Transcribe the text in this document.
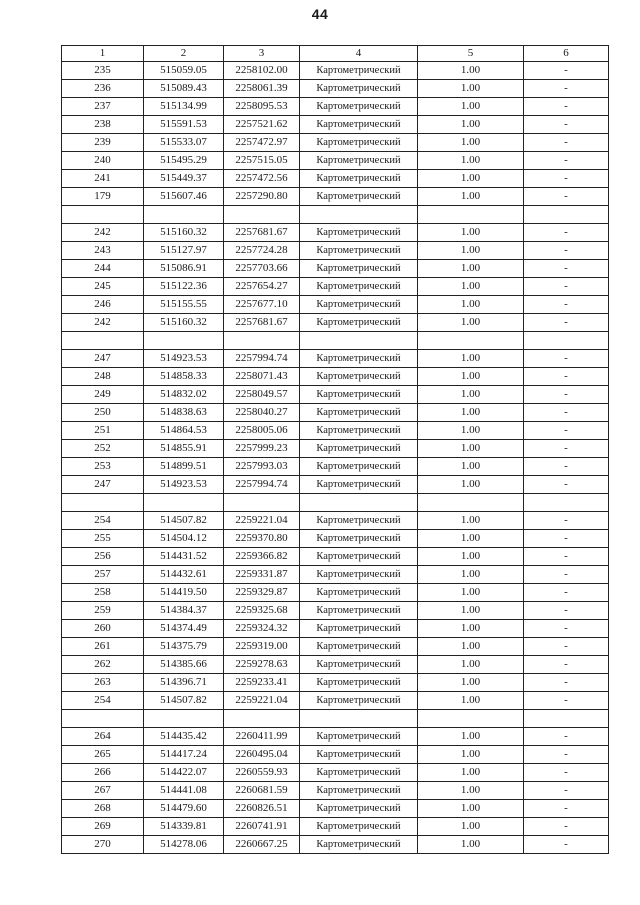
44
1	2	3	4	5	6
235	515059.05	2258102.00	Картометрический	1.00	-
236	515089.43	2258061.39	Картометрический	1.00	-
237	515134.99	2258095.53	Картометрический	1.00	-
238	515591.53	2257521.62	Картометрический	1.00	-
239	515533.07	2257472.97	Картометрический	1.00	-
240	515495.29	2257515.05	Картометрический	1.00	-
241	515449.37	2257472.56	Картометрический	1.00	-
179	515607.46	2257290.80	Картометрический	1.00	-

242	515160.32	2257681.67	Картометрический	1.00	-
243	515127.97	2257724.28	Картометрический	1.00	-
244	515086.91	2257703.66	Картометрический	1.00	-
245	515122.36	2257654.27	Картометрический	1.00	-
246	515155.55	2257677.10	Картометрический	1.00	-
242	515160.32	2257681.67	Картометрический	1.00	-

247	514923.53	2257994.74	Картометрический	1.00	-
248	514858.33	2258071.43	Картометрический	1.00	-
249	514832.02	2258049.57	Картометрический	1.00	-
250	514838.63	2258040.27	Картометрический	1.00	-
251	514864.53	2258005.06	Картометрический	1.00	-
252	514855.91	2257999.23	Картометрический	1.00	-
253	514899.51	2257993.03	Картометрический	1.00	-
247	514923.53	2257994.74	Картометрический	1.00	-

254	514507.82	2259221.04	Картометрический	1.00	-
255	514504.12	2259370.80	Картометрический	1.00	-
256	514431.52	2259366.82	Картометрический	1.00	-
257	514432.61	2259331.87	Картометрический	1.00	-
258	514419.50	2259329.87	Картометрический	1.00	-
259	514384.37	2259325.68	Картометрический	1.00	-
260	514374.49	2259324.32	Картометрический	1.00	-
261	514375.79	2259319.00	Картометрический	1.00	-
262	514385.66	2259278.63	Картометрический	1.00	-
263	514396.71	2259233.41	Картометрический	1.00	-
254	514507.82	2259221.04	Картометрический	1.00	-

264	514435.42	2260411.99	Картометрический	1.00	-
265	514417.24	2260495.04	Картометрический	1.00	-
266	514422.07	2260559.93	Картометрический	1.00	-
267	514441.08	2260681.59	Картометрический	1.00	-
268	514479.60	2260826.51	Картометрический	1.00	-
269	514339.81	2260741.91	Картометрический	1.00	-
270	514278.06	2260667.25	Картометрический	1.00	-
